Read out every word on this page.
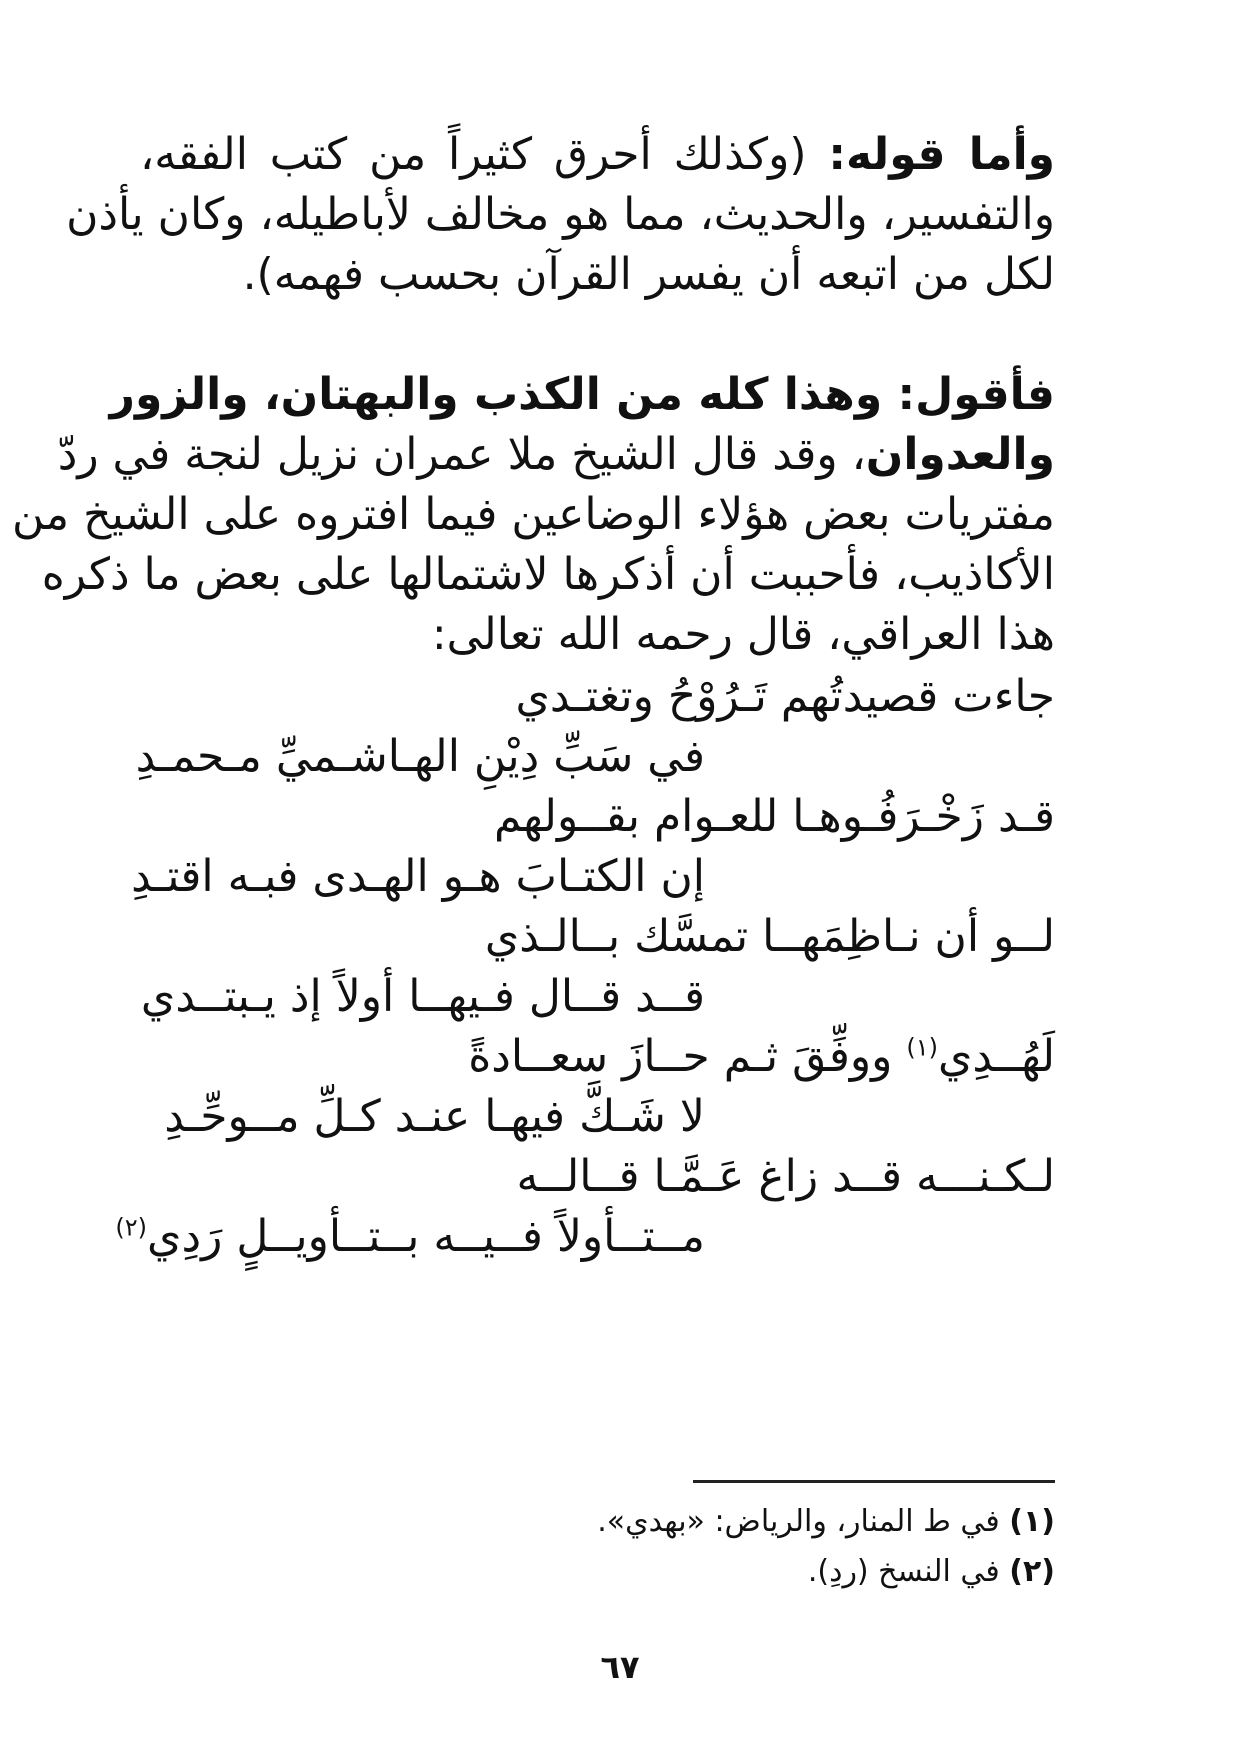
وأما قوله: (وكذلك أحرق كثيراً من كتب الفقه،
والتفسير، والحديث، مما هو مخالف لأباطيله، وكان يأذن
لكل من اتبعه أن يفسر القرآن بحسب فهمه).
فأقول: وهذا كله من الكذب والبهتان، والزور
والعدوان، وقد قال الشيخ ملا عمران نزيل لنجة في ردّ
مفتريات بعض هؤلاء الوضاعين فيما افتروه على الشيخ من
الأكاذيب، فأحببت أن أذكرها لاشتمالها على بعض ما ذكره
هذا العراقي، قال رحمه الله تعالى:
جاءت قصيدتُهم تَـرُوْحُ وتغتـدي
في سَبِّ دِيْنِ الهـاشـميِّ مـحمـدِ
قـد زَخْـرَفُـوهـا للعـوام بقــولهم
إن الكتـابَ هـو الهـدى فبـه اقتـدِ
لــو أن نـاظِمَهــا تمسَّك بــالـذي
قــد قــال فـيهــا أولاً إذ يـبتــدي
لَهُــدِي$^{(١)}$ ووفِّقَ ثـم حــازَ سعــادةً
لا شَـكَّ فيهـا عنـد كـلِّ مــوحِّـدِ
لـكـنـــه قــد زاغ عَـمَّـا قــالــه
مــتــأولاً فــيــه بــتــأويــلٍ رَدِي$^{(٢)}$
(١) في ط المنار، والرياض: «بهدي».
(٢) في النسخ (ردِ).
٦٧
